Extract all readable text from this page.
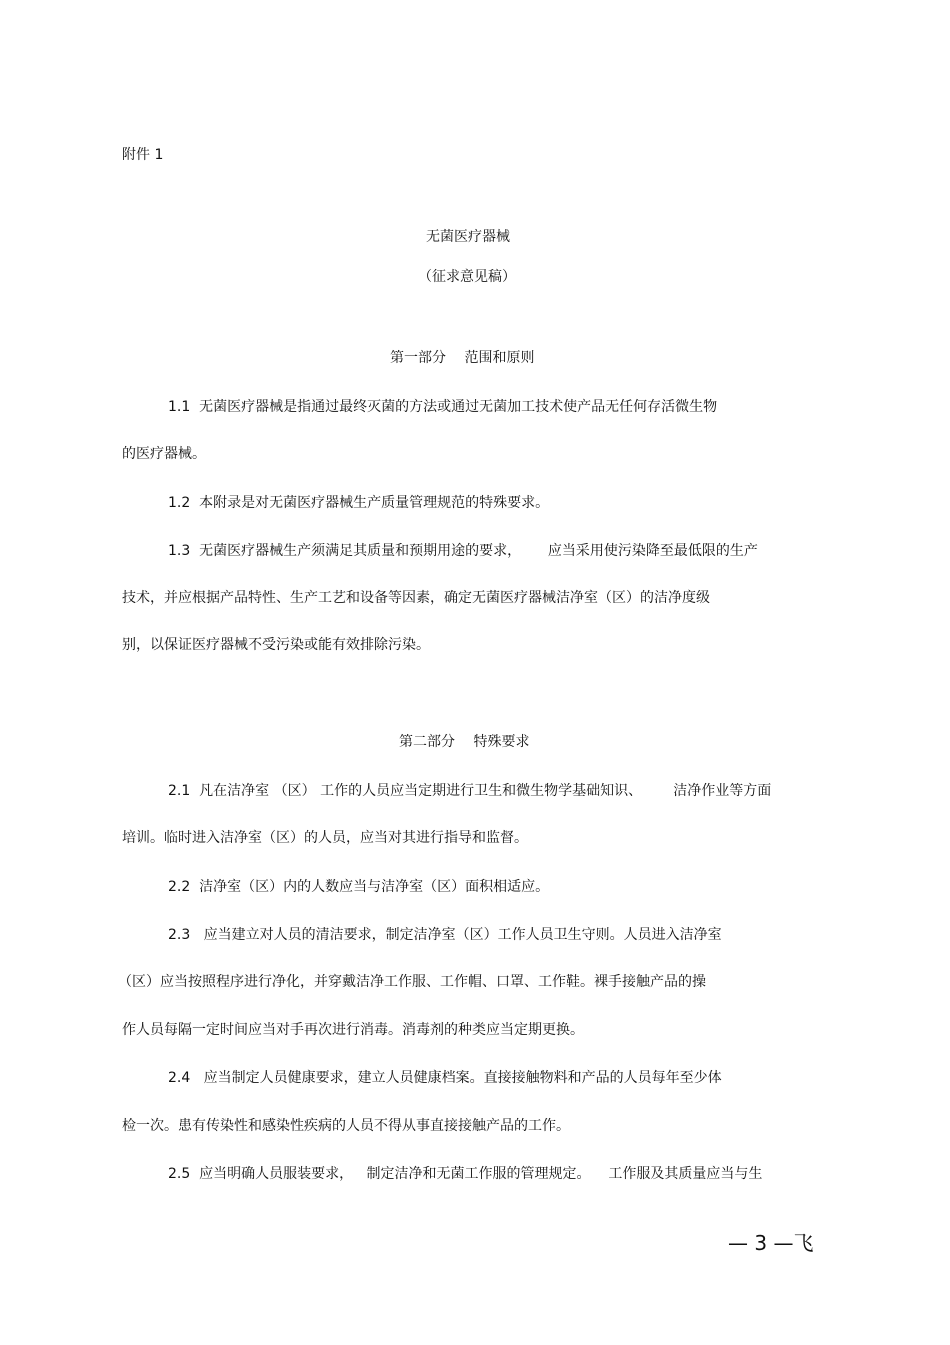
附件 1
无菌医疗器械
（征求意见稿）
第一部分　 范围和原则
1.1  无菌医疗器械是指通过最终灭菌的方法或通过无菌加工技术使产品无任何存活微生物
的医疗器械。
1.2  本附录是对无菌医疗器械生产质量管理规范的特殊要求。
1.3  无菌医疗器械生产须满足其质量和预期用途的要求，      应当采用使污染降至最低限的生产
技术，并应根据产品特性、生产工艺和设备等因素，确定无菌医疗器械洁净室（区）的洁净度级
别，以保证医疗器械不受污染或能有效排除污染。
第二部分　 特殊要求
2.1  凡在洁净室 （区） 工作的人员应当定期进行卫生和微生物学基础知识、       洁净作业等方面
培训。临时进入洁净室（区）的人员，应当对其进行指导和监督。
2.2  洁净室（区）内的人数应当与洁净室（区）面积相适应。
2.3   应当建立对人员的清洁要求，制定洁净室（区）工作人员卫生守则。人员进入洁净室
（区）应当按照程序进行净化，并穿戴洁净工作服、工作帽、口罩、工作鞋。裸手接触产品的操
作人员每隔一定时间应当对手再次进行消毒。消毒剂的种类应当定期更换。
2.4   应当制定人员健康要求，建立人员健康档案。直接接触物料和产品的人员每年至少体
检一次。患有传染性和感染性疾病的人员不得从事直接接触产品的工作。
2.5  应当明确人员服装要求，   制定洁净和无菌工作服的管理规定。    工作服及其质量应当与生
— 3 —飞
